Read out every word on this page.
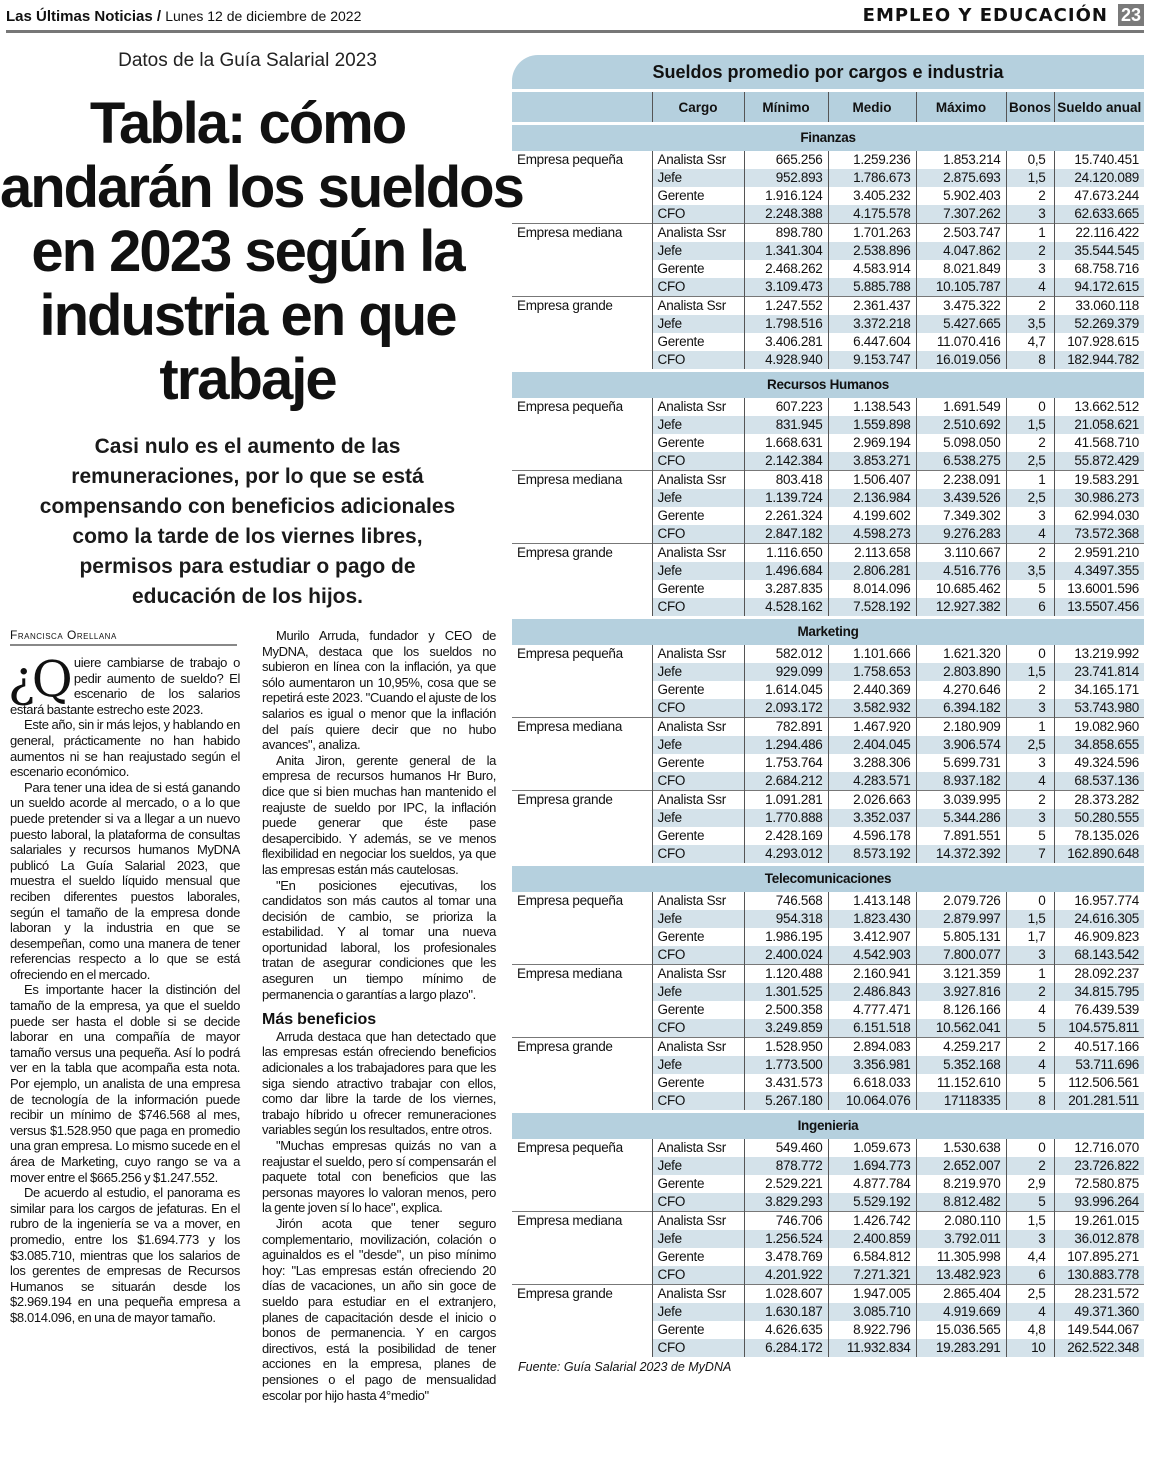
Las Últimas Noticias / Lunes 12 de diciembre de 2022	EMPLEO Y EDUCACIÓN 23
Datos de la Guía Salarial 2023
Tabla: cómo
andarán los sueldos
en 2023 según la
industria en que
trabaje
Casi nulo es el aumento de las
remuneraciones, por lo que se está
compensando con beneficios adicionales
como la tarde de los viernes libres,
permisos para estudiar o pago de
educación de los hijos.
Francisca Orellana

¿Q uiere cambiarse de trabajo o pedir aumento de sueldo? El escenario de los salarios estará bastante estrecho este 2023.

Este año, sin ir más lejos, y hablando en general, prácticamente no han habido aumentos ni se han reajustado según el escenario económico.

Para tener una idea de si está ganando un sueldo acorde al mercado, o a lo que puede pretender si va a llegar a un nuevo puesto laboral, la plataforma de consultas salariales y recursos humanos MyDNA publicó La Guía Salarial 2023, que muestra el sueldo líquido mensual que reciben diferentes puestos laborales, según el tamaño de la empresa donde laboran y la industria en que se desempeñan, como una manera de tener referencias respecto a lo que se está ofreciendo en el mercado.

Es importante hacer la distinción del tamaño de la empresa, ya que el sueldo puede ser hasta el doble si se decide laborar en una compañía de mayor tamaño versus una pequeña. Así lo podrá ver en la tabla que acompaña esta nota. Por ejemplo, un analista de una empresa de tecnología de la información puede recibir un mínimo de $746.568 al mes, versus $1.528.950 que paga en promedio una gran empresa. Lo mismo sucede en el área de Marketing, cuyo rango se va a mover entre el $665.256 y $1.247.552.

De acuerdo al estudio, el panorama es similar para los cargos de jefaturas. En el rubro de la ingeniería se va a mover, en promedio, entre los $1.694.773 y los $3.085.710, mientras que los salarios de los gerentes de empresas de Recursos Humanos se situarán desde los $2.969.194 en una pequeña empresa a $8.014.096, en una de mayor tamaño.

Murilo Arruda, fundador y CEO de MyDNA, destaca que los sueldos no subieron en línea con la inflación, ya que sólo aumentaron un 10,95%, cosa que se repetirá este 2023. "Cuando el ajuste de los salarios es igual o menor que la inflación del país quiere decir que no hubo avances", analiza.

Anita Jiron, gerente general de la empresa de recursos humanos Hr Buro, dice que si bien muchas han mantenido el reajuste de sueldo por IPC, la inflación puede generar que éste pase desapercibido. Y además, se ve menos flexibilidad en negociar los sueldos, ya que las empresas están más cautelosas.

"En posiciones ejecutivas, los candidatos son más cautos al tomar una decisión de cambio, se prioriza la estabilidad. Y al tomar una nueva oportunidad laboral, los profesionales tratan de asegurar condiciones que les aseguren un tiempo mínimo de permanencia o garantías a largo plazo".

Más beneficios

Arruda destaca que han detectado que las empresas están ofreciendo beneficios adicionales a los trabajadores para que les siga siendo atractivo trabajar con ellos, como dar libre la tarde de los viernes, trabajo híbrido u ofrecer remuneraciones variables según los resultados, entre otros.

"Muchas empresas quizás no van a reajustar el sueldo, pero sí compensarán el paquete total con beneficios que las personas mayores lo valoran menos, pero la gente joven sí lo hace", explica.

Jirón acota que tener seguro complementario, movilización, colación o aguinaldos es el "desde", un piso mínimo hoy: "Las empresas están ofreciendo 20 días de vacaciones, un año sin goce de sueldo para estudiar en el extranjero, planes de capacitación desde el inicio o bonos de permanencia. Y en cargos directivos, está la posibilidad de tener acciones en la empresa, planes de pensiones o el pago de mensualidad escolar por hijo hasta 4°medio"

Sueldos promedio por cargos e industria
	Cargo	Mínimo	Medio	Máximo	Bonos	Sueldo anual
Finanzas						
Empresa pequeña	Analista Ssr	665.256	1.259.236	1.853.214	0,5	15.740.451
	Jefe	952.893	1.786.673	2.875.693	1,5	24.120.089
	Gerente	1.916.124	3.405.232	5.902.403	2	47.673.244
	CFO	2.248.388	4.175.578	7.307.262	3	62.633.665
Empresa mediana	Analista Ssr	898.780	1.701.263	2.503.747	1	22.116.422
	Jefe	1.341.304	2.538.896	4.047.862	2	35.544.545
	Gerente	2.468.262	4.583.914	8.021.849	3	68.758.716
	CFO	3.109.473	5.885.788	10.105.787	4	94.172.615
Empresa grande	Analista Ssr	1.247.552	2.361.437	3.475.322	2	33.060.118
	Jefe	1.798.516	3.372.218	5.427.665	3,5	52.269.379
	Gerente	3.406.281	6.447.604	11.070.416	4,7	107.928.615
	CFO	4.928.940	9.153.747	16.019.056	8	182.944.782
Recursos Humanos						
Empresa pequeña	Analista Ssr	607.223	1.138.543	1.691.549	0	13.662.512
	Jefe	831.945	1.559.898	2.510.692	1,5	21.058.621
	Gerente	1.668.631	2.969.194	5.098.050	2	41.568.710
	CFO	2.142.384	3.853.271	6.538.275	2,5	55.872.429
Empresa mediana	Analista Ssr	803.418	1.506.407	2.238.091	1	19.583.291
	Jefe	1.139.724	2.136.984	3.439.526	2,5	30.986.273
	Gerente	2.261.324	4.199.602	7.349.302	3	62.994.030
	CFO	2.847.182	4.598.273	9.276.283	4	73.572.368
Empresa grande	Analista Ssr	1.116.650	2.113.658	3.110.667	2	2.9591.210
	Jefe	1.496.684	2.806.281	4.516.776	3,5	4.3497.355
	Gerente	3.287.835	8.014.096	10.685.462	5	13.6001.596
	CFO	4.528.162	7.528.192	12.927.382	6	13.5507.456
Marketing						
Empresa pequeña	Analista Ssr	582.012	1.101.666	1.621.320	0	13.219.992
	Jefe	929.099	1.758.653	2.803.890	1,5	23.741.814
	Gerente	1.614.045	2.440.369	4.270.646	2	34.165.171
	CFO	2.093.172	3.582.932	6.394.182	3	53.743.980
Empresa mediana	Analista Ssr	782.891	1.467.920	2.180.909	1	19.082.960
	Jefe	1.294.486	2.404.045	3.906.574	2,5	34.858.655
	Gerente	1.753.764	3.288.306	5.699.731	3	49.324.596
	CFO	2.684.212	4.283.571	8.937.182	4	68.537.136
Empresa grande	Analista Ssr	1.091.281	2.026.663	3.039.995	2	28.373.282
	Jefe	1.770.888	3.352.037	5.344.286	3	50.280.555
	Gerente	2.428.169	4.596.178	7.891.551	5	78.135.026
	CFO	4.293.012	8.573.192	14.372.392	7	162.890.648
Telecomunicaciones						
Empresa pequeña	Analista Ssr	746.568	1.413.148	2.079.726	0	16.957.774
	Jefe	954.318	1.823.430	2.879.997	1,5	24.616.305
	Gerente	1.986.195	3.412.907	5.805.131	1,7	46.909.823
	CFO	2.400.024	4.542.903	7.800.077	3	68.143.542
Empresa mediana	Analista Ssr	1.120.488	2.160.941	3.121.359	1	28.092.237
	Jefe	1.301.525	2.486.843	3.927.816	2	34.815.795
	Gerente	2.500.358	4.777.471	8.126.166	4	76.439.539
	CFO	3.249.859	6.151.518	10.562.041	5	104.575.811
Empresa grande	Analista Ssr	1.528.950	2.894.083	4.259.217	2	40.517.166
	Jefe	1.773.500	3.356.981	5.352.168	4	53.711.696
	Gerente	3.431.573	6.618.033	11.152.610	5	112.506.561
	CFO	5.267.180	10.064.076	17118335	8	201.281.511
Ingenieria						
Empresa pequeña	Analista Ssr	549.460	1.059.673	1.530.638	0	12.716.070
	Jefe	878.772	1.694.773	2.652.007	2	23.726.822
	Gerente	2.529.221	4.877.784	8.219.970	2,9	72.580.875
	CFO	3.829.293	5.529.192	8.812.482	5	93.996.264
Empresa mediana	Analista Ssr	746.706	1.426.742	2.080.110	1,5	19.261.015
	Jefe	1.256.524	2.400.859	3.792.011	3	36.012.878
	Gerente	3.478.769	6.584.812	11.305.998	4,4	107.895.271
	CFO	4.201.922	7.271.321	13.482.923	6	130.883.778
Empresa grande	Analista Ssr	1.028.607	1.947.005	2.865.404	2,5	28.231.572
	Jefe	1.630.187	3.085.710	4.919.669	4	49.371.360
	Gerente	4.626.635	8.922.796	15.036.565	4,8	149.544.067
	CFO	6.284.172	11.932.834	19.283.291	10	262.522.348
Fuente: Guía Salarial 2023 de MyDNA
